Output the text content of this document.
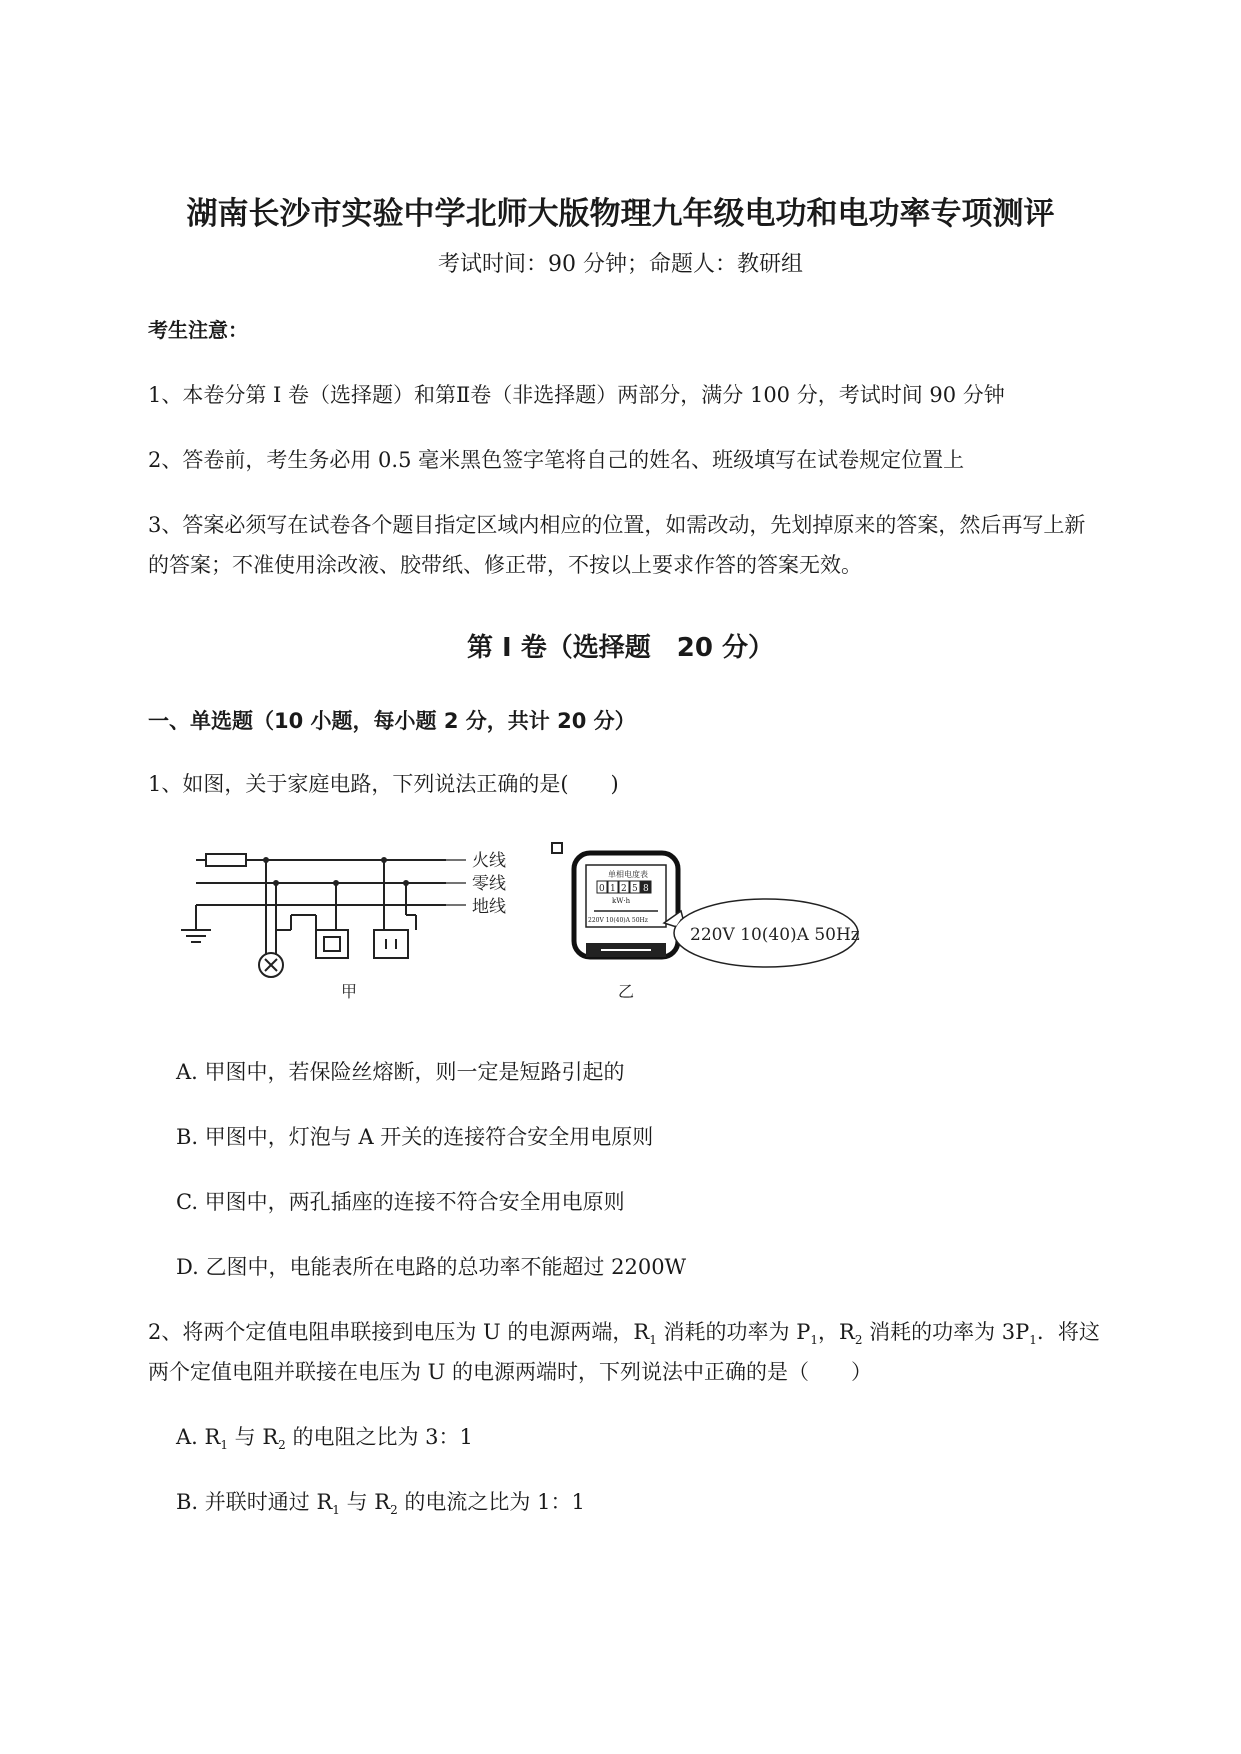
湖南长沙市实验中学北师大版物理九年级电功和电功率专项测评
考试时间：90 分钟；命题人：教研组
考生注意：
1、本卷分第 I 卷（选择题）和第Ⅱ卷（非选择题）两部分，满分 100 分，考试时间 90 分钟
2、答卷前，考生务必用 0.5 毫米黑色签字笔将自己的姓名、班级填写在试卷规定位置上
3、答案必须写在试卷各个题目指定区域内相应的位置，如需改动，先划掉原来的答案，然后再写上新
的答案；不准使用涂改液、胶带纸、修正带，不按以上要求作答的答案无效。
第 I 卷（选择题　20 分）
一、单选题（10 小题，每小题 2 分，共计 20 分）
1、如图，关于家庭电路，下列说法正确的是(　　)
火线
零线
地线
甲
单相电度表
0 1 2 5 8
kW·h
220V 10(40)A 50Hz
220V 10(40)A 50Hz
乙
A. 甲图中，若保险丝熔断，则一定是短路引起的
B. 甲图中，灯泡与 A 开关的连接符合安全用电原则
C. 甲图中，两孔插座的连接不符合安全用电原则
D. 乙图中，电能表所在电路的总功率不能超过 2200W
2、将两个定值电阻串联接到电压为 U 的电源两端，$R_1$ 消耗的功率为 $P_1$，$R_2$ 消耗的功率为 $3P_1$．将这
两个定值电阻并联接在电压为 U 的电源两端时，下列说法中正确的是（　　）
A. $R_1$ 与 $R_2$ 的电阻之比为 3：1
B. 并联时通过 $R_1$ 与 $R_2$ 的电流之比为 1：1
